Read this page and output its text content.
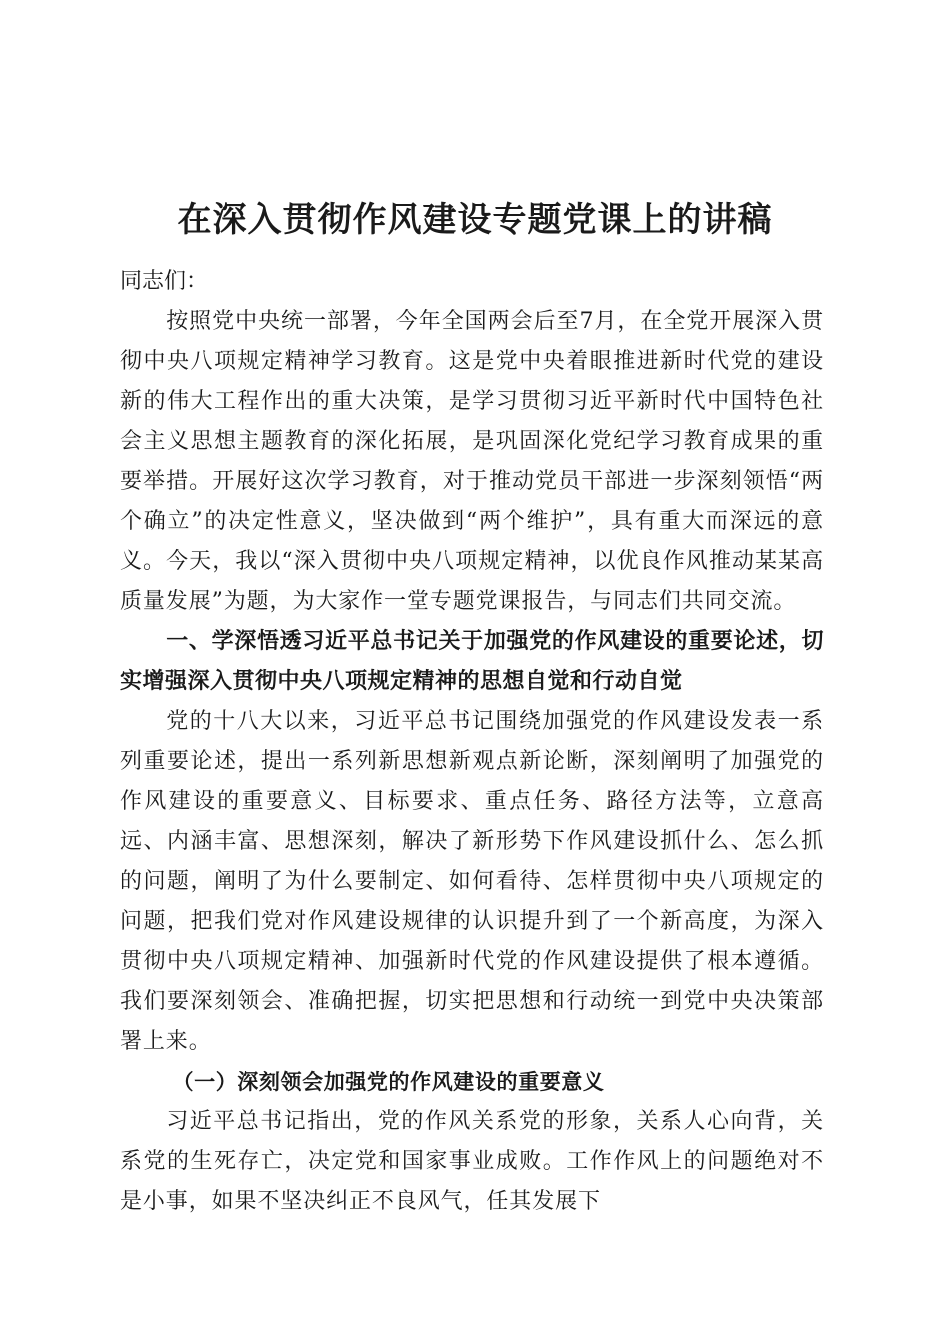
在深入贯彻作风建设专题党课上的讲稿

同志们：

按照党中央统一部署，今年全国两会后至7月，在全党开展深入贯彻中央八项规定精神学习教育。这是党中央着眼推进新时代党的建设新的伟大工程作出的重大决策，是学习贯彻习近平新时代中国特色社会主义思想主题教育的深化拓展，是巩固深化党纪学习教育成果的重要举措。开展好这次学习教育，对于推动党员干部进一步深刻领悟“两个确立”的决定性意义，坚决做到“两个维护”，具有重大而深远的意义。今天，我以“深入贯彻中央八项规定精神，以优良作风推动某某高质量发展”为题，为大家作一堂专题党课报告，与同志们共同交流。

一、学深悟透习近平总书记关于加强党的作风建设的重要论述，切实增强深入贯彻中央八项规定精神的思想自觉和行动自觉

党的十八大以来，习近平总书记围绕加强党的作风建设发表一系列重要论述，提出一系列新思想新观点新论断，深刻阐明了加强党的作风建设的重要意义、目标要求、重点任务、路径方法等，立意高远、内涵丰富、思想深刻，解决了新形势下作风建设抓什么、怎么抓的问题，阐明了为什么要制定、如何看待、怎样贯彻中央八项规定的问题，把我们党对作风建设规律的认识提升到了一个新高度，为深入贯彻中央八项规定精神、加强新时代党的作风建设提供了根本遵循。我们要深刻领会、准确把握，切实把思想和行动统一到党中央决策部署上来。

（一）深刻领会加强党的作风建设的重要意义

习近平总书记指出，党的作风关系党的形象，关系人心向背，关系党的生死存亡，决定党和国家事业成败。工作作风上的问题绝对不是小事，如果不坚决纠正不良风气，任其发展下
